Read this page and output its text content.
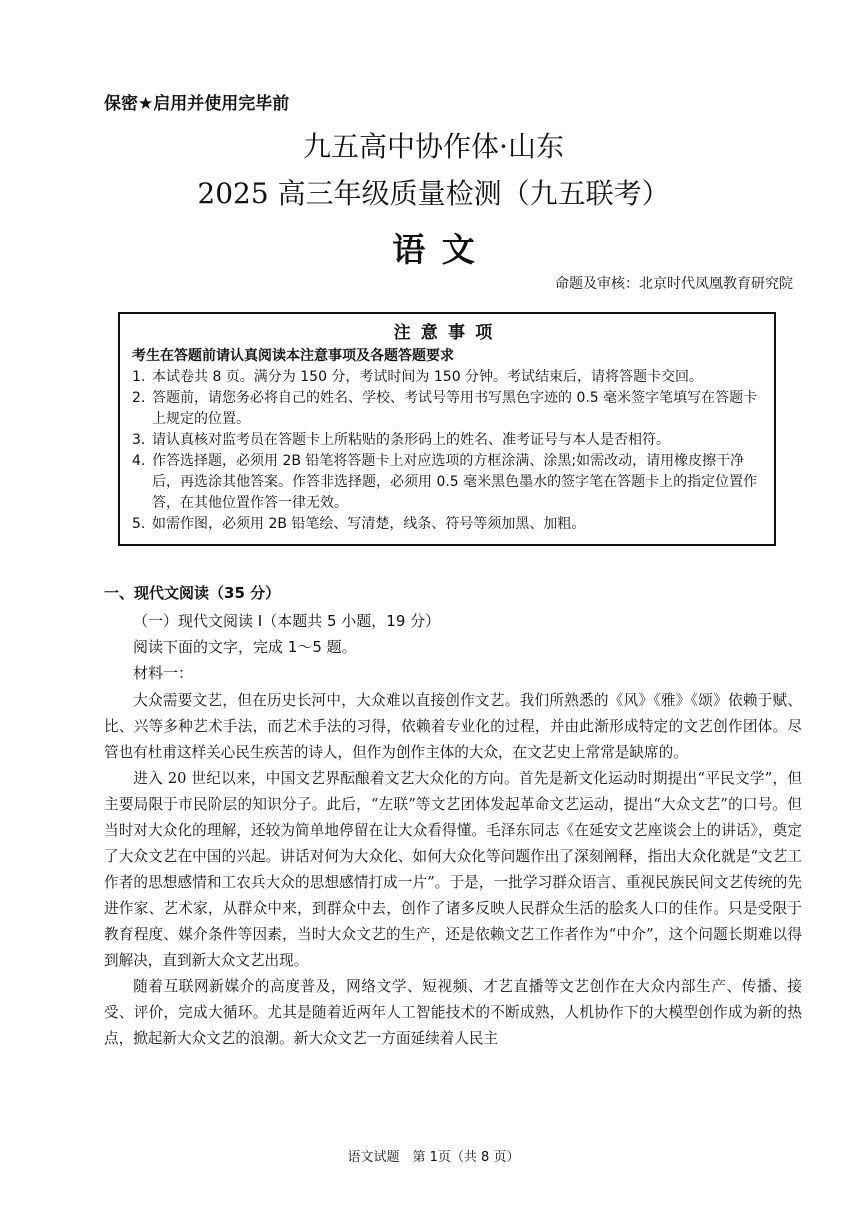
保密★启用并使用完毕前
九五高中协作体·山东
2025 高三年级质量检测（九五联考）
语文
命题及审核：北京时代凤凰教育研究院
注意事项
考生在答题前请认真阅读本注意事项及各题答题要求
1. 本试卷共 8 页。满分为 150 分，考试时间为 150 分钟。考试结束后，请将答题卡交回。
2. 答题前，请您务必将自己的姓名、学校、考试号等用书写黑色字迹的 0.5 毫米签字笔填写在答题卡上规定的位置。
3. 请认真核对监考员在答题卡上所粘贴的条形码上的姓名、准考证号与本人是否相符。
4. 作答选择题，必须用 2B 铅笔将答题卡上对应选项的方框涂满、涂黑;如需改动，请用橡皮擦干净后，再选涂其他答案。作答非选择题，必须用 0.5 毫米黑色墨水的签字笔在答题卡上的指定位置作答，在其他位置作答一律无效。
5. 如需作图，必须用 2B 铅笔绘、写清楚，线条、符号等须加黑、加粗。
一、现代文阅读（35 分）
（一）现代文阅读 I（本题共 5 小题，19 分）
阅读下面的文字，完成 1～5 题。
材料一：

大众需要文艺，但在历史长河中，大众难以直接创作文艺。我们所熟悉的《风》《雅》《颂》依赖于赋、比、兴等多种艺术手法，而艺术手法的习得，依赖着专业化的过程，并由此渐形成特定的文艺创作团体。尽管也有杜甫这样关心民生疾苦的诗人，但作为创作主体的大众，在文艺史上常常是缺席的。

进入 20 世纪以来，中国文艺界酝酿着文艺大众化的方向。首先是新文化运动时期提出“平民文学”，但主要局限于市民阶层的知识分子。此后，“左联”等文艺团体发起革命文艺运动，提出“大众文艺”的口号。但当时对大众化的理解，还较为简单地停留在让大众看得懂。毛泽东同志《在延安文艺座谈会上的讲话》，奠定了大众文艺在中国的兴起。讲话对何为大众化、如何大众化等问题作出了深刻阐释，指出大众化就是“文艺工作者的思想感情和工农兵大众的思想感情打成一片”。于是，一批学习群众语言、重视民族民间文艺传统的先进作家、艺术家，从群众中来，到群众中去，创作了诸多反映人民群众生活的脍炙人口的佳作。只是受限于教育程度、媒介条件等因素，当时大众文艺的生产，还是依赖文艺工作者作为“中介”，这个问题长期难以得到解决，直到新大众文艺出现。

随着互联网新媒介的高度普及，网络文学、短视频、才艺直播等文艺创作在大众内部生产、传播、接受、评价，完成大循环。尤其是随着近两年人工智能技术的不断成熟，人机协作下的大模型创作成为新的热点，掀起新大众文艺的浪潮。新大众文艺一方面延续着人民主

语文试题　第 1页（共 8 页）
